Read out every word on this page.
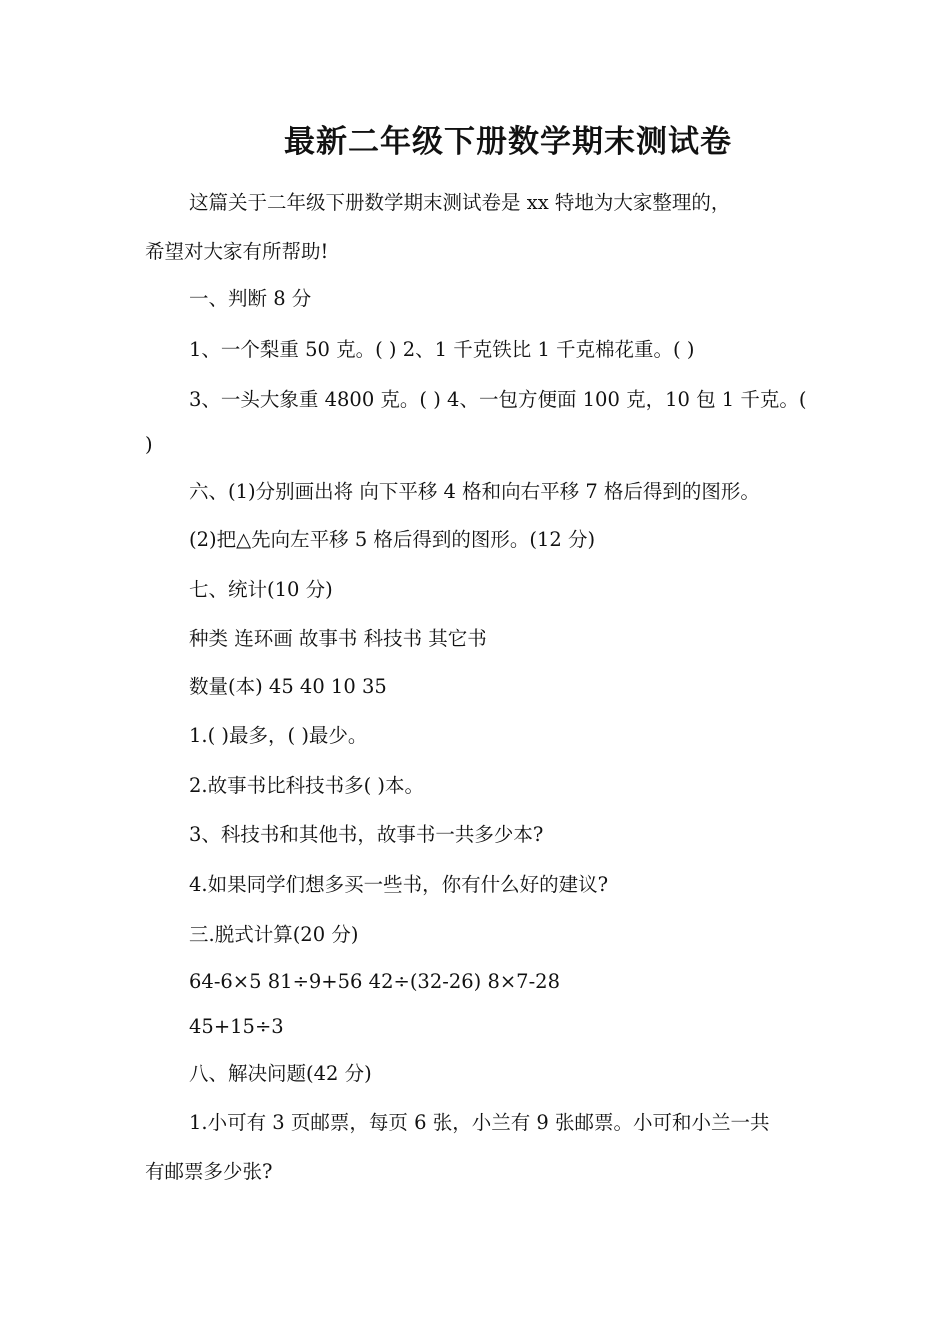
最新二年级下册数学期末测试卷
这篇关于二年级下册数学期末测试卷是 xx 特地为大家整理的，
希望对大家有所帮助!
一、判断 8 分
1、一个梨重 50 克。( ) 2、1 千克铁比 1 千克棉花重。( )
3、一头大象重 4800 克。( ) 4、一包方便面 100 克，10 包 1 千克。(
)
六、(1)分别画出将 向下平移 4 格和向右平移 7 格后得到的图形。
(2)把△先向左平移 5 格后得到的图形。(12 分)
七、统计(10 分)
种类 连环画 故事书 科技书 其它书
数量(本) 45 40 10 35
1.( )最多，( )最少。
2.故事书比科技书多( )本。
3、科技书和其他书，故事书一共多少本?
4.如果同学们想多买一些书，你有什么好的建议?
三.脱式计算(20 分)
64-6×5 81÷9+56 42÷(32-26) 8×7-28
45+15÷3
八、解决问题(42 分)
1.小可有 3 页邮票，每页 6 张，小兰有 9 张邮票。小可和小兰一共
有邮票多少张?
